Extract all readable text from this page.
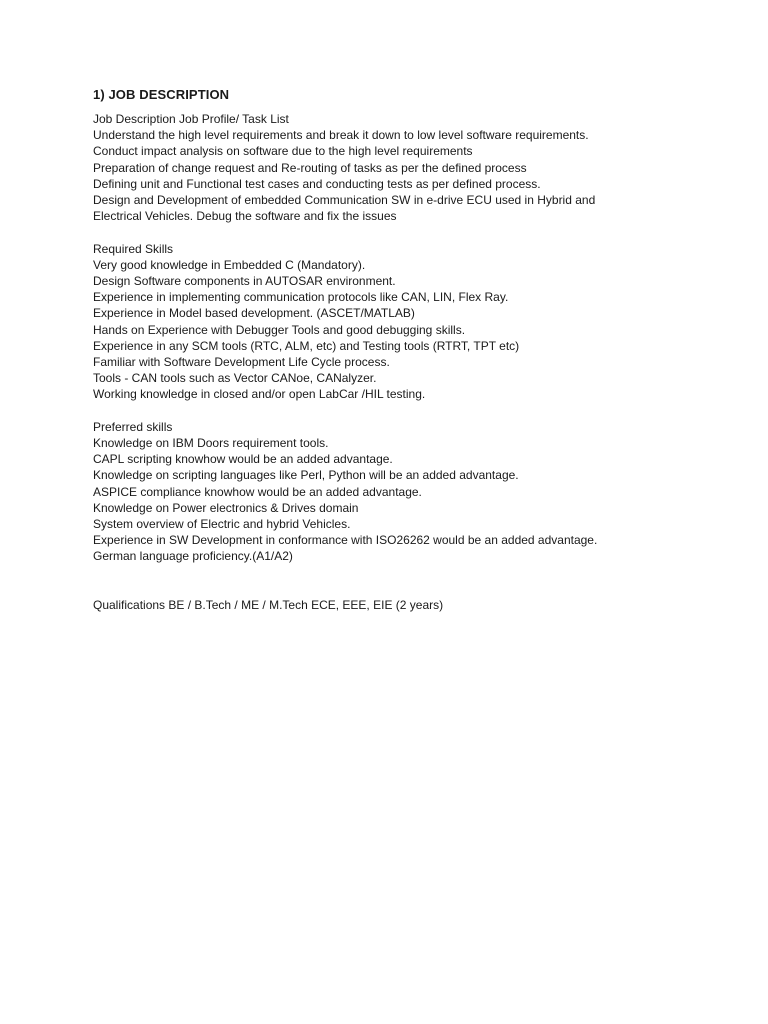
1) JOB DESCRIPTION
Job Description Job Profile/ Task List
Understand the high level requirements and break it down to low level software requirements.
Conduct impact analysis on software due to the high level requirements
Preparation of change request and Re-routing of tasks as per the defined process
Defining unit and Functional test cases and conducting tests as per defined process.
Design and Development of embedded Communication SW in e-drive ECU used in Hybrid and
Electrical Vehicles. Debug the software and fix the issues
Required Skills
Very good knowledge in Embedded C (Mandatory).
Design Software components in AUTOSAR environment.
Experience in implementing communication protocols like CAN, LIN, Flex Ray.
Experience in Model based development. (ASCET/MATLAB)
Hands on Experience with Debugger Tools and good debugging skills.
Experience in any SCM tools (RTC, ALM, etc) and Testing tools (RTRT, TPT etc)
Familiar with Software Development Life Cycle process.
Tools - CAN tools such as Vector CANoe, CANalyzer.
Working knowledge in closed and/or open LabCar /HIL testing.
Preferred skills
Knowledge on IBM Doors requirement tools.
CAPL scripting knowhow would be an added advantage.
Knowledge on scripting languages like Perl, Python will be an added advantage.
ASPICE compliance knowhow would be an added advantage.
Knowledge on Power electronics & Drives domain
System overview of Electric and hybrid Vehicles.
Experience in SW Development in conformance with ISO26262 would be an added advantage.
German language proficiency.(A1/A2)
Qualifications BE / B.Tech / ME / M.Tech ECE, EEE, EIE (2 years)
